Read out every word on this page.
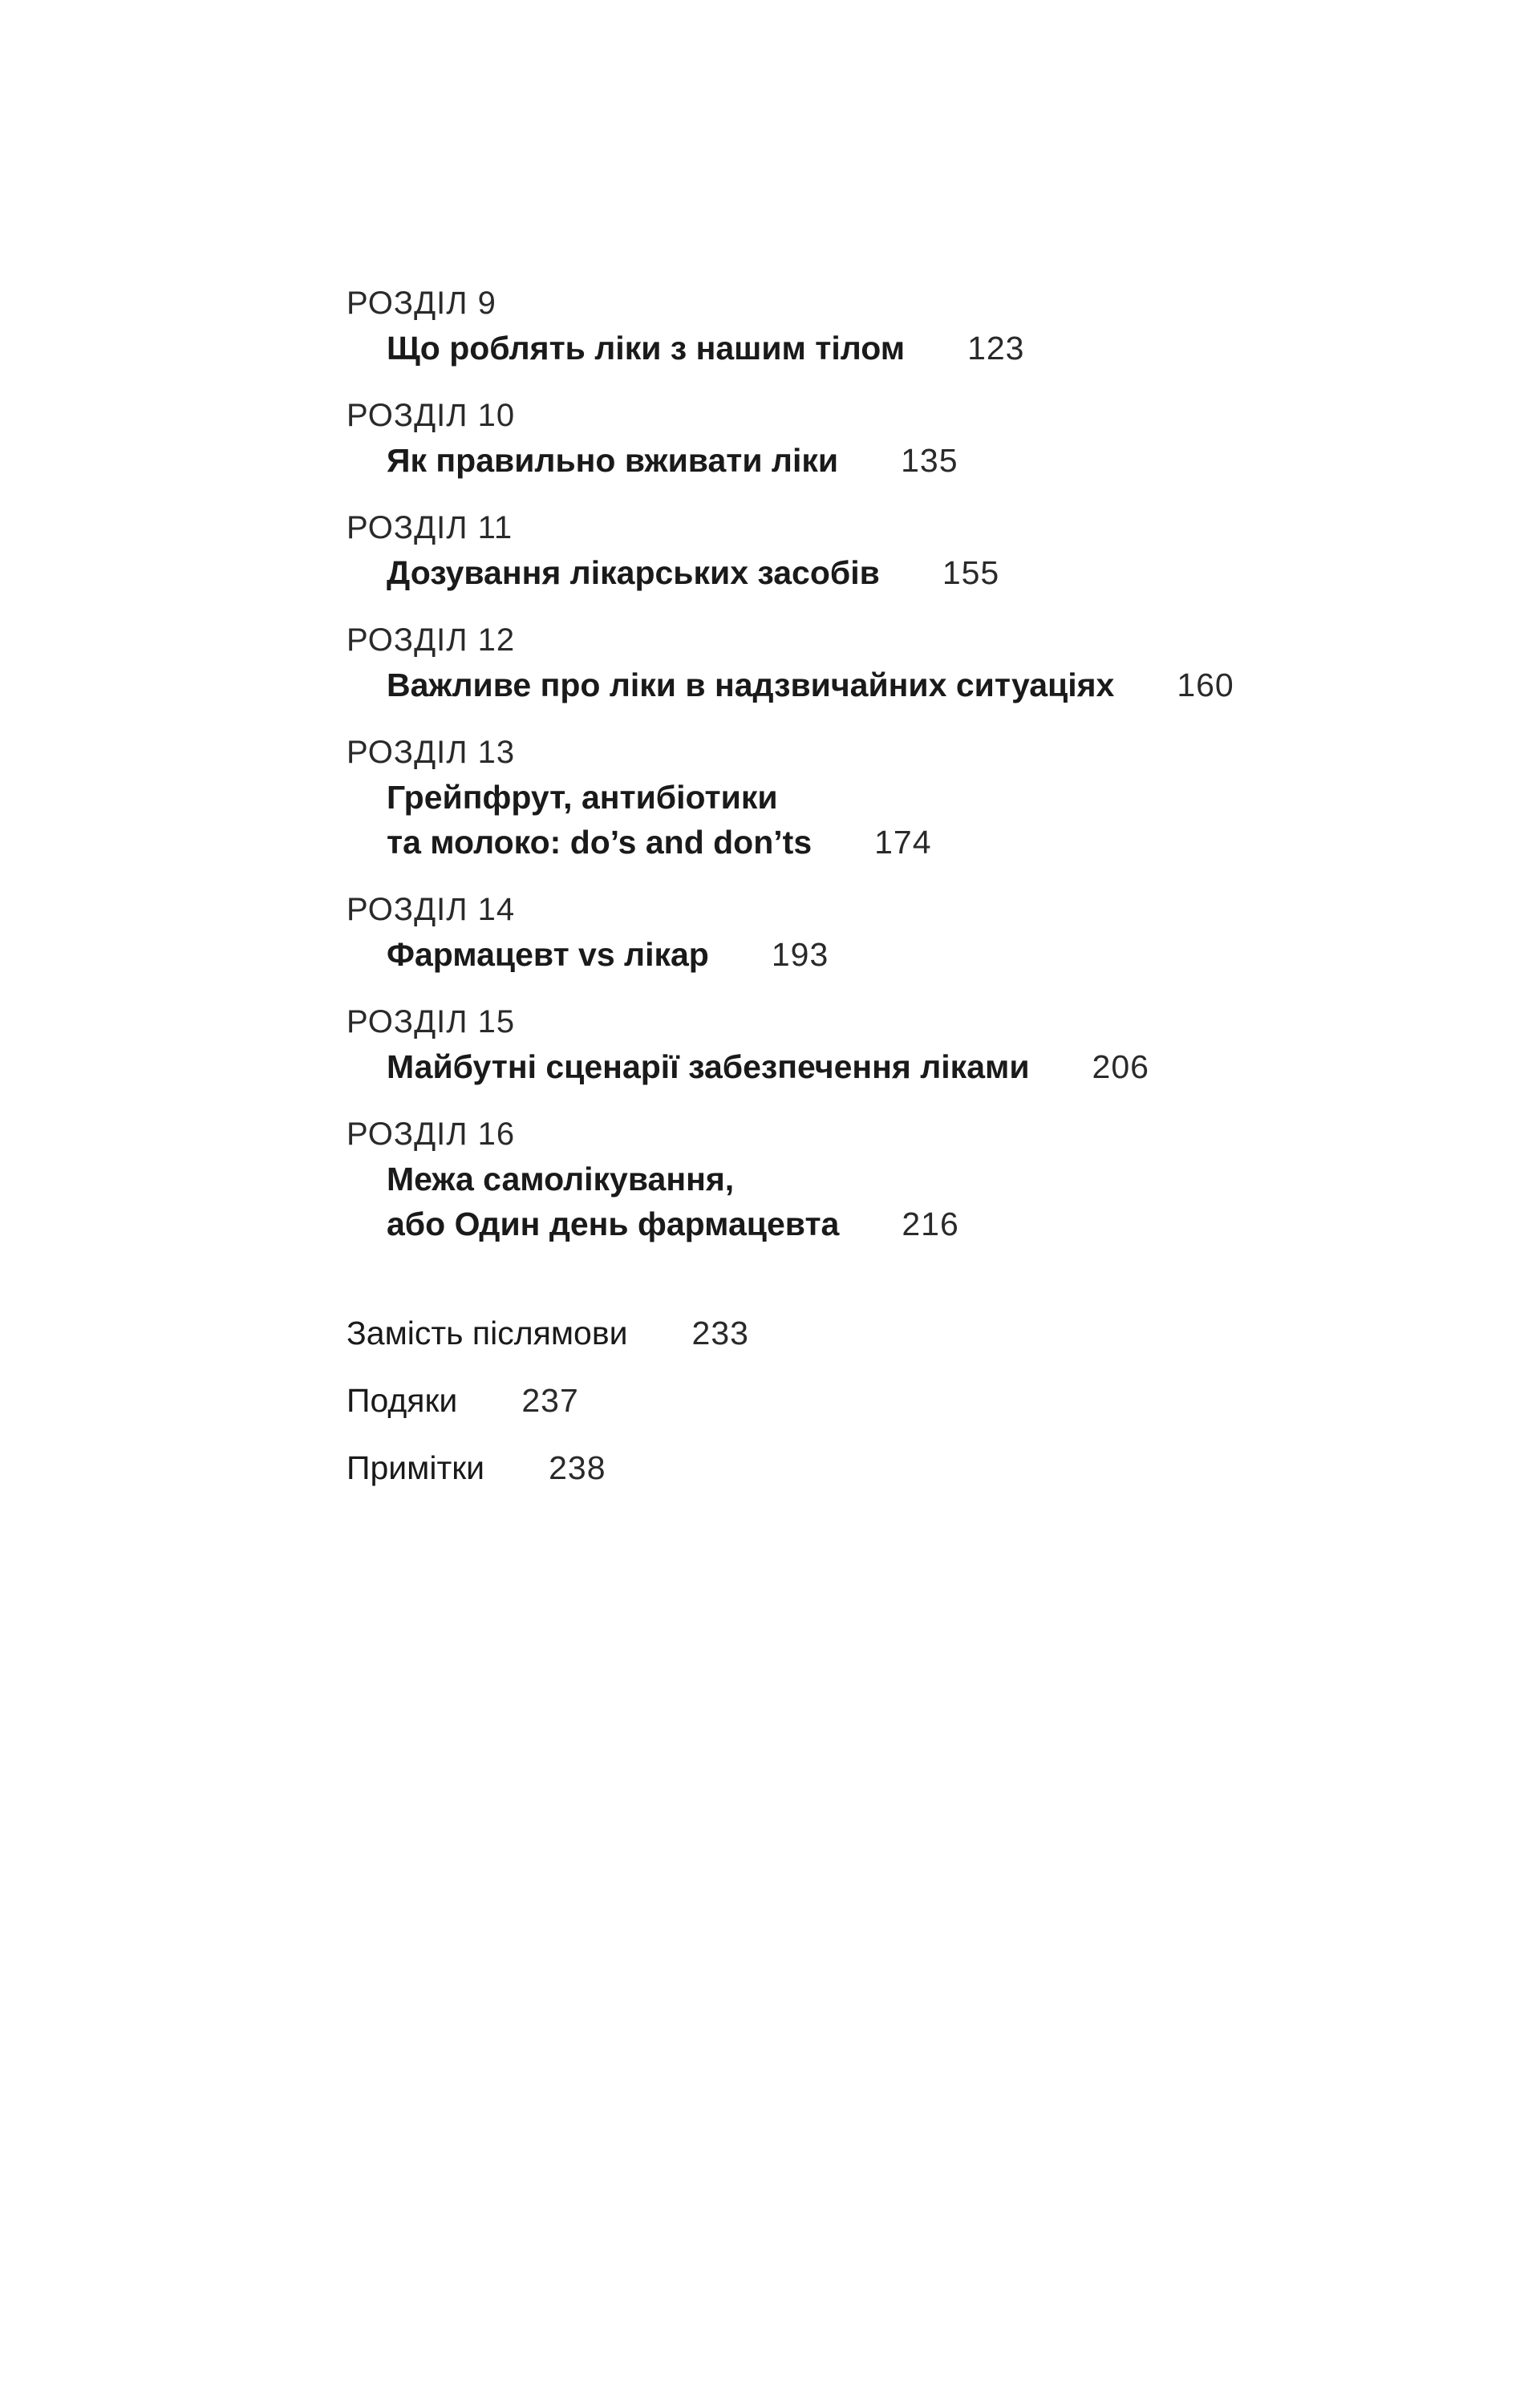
РОЗДІЛ 9
Що роблять ліки з нашим тілом 123
РОЗДІЛ 10
Як правильно вживати ліки 135
РОЗДІЛ 11
Дозування лікарських засобів 155
РОЗДІЛ 12
Важливе про ліки в надзвичайних ситуаціях 160
РОЗДІЛ 13
Грейпфрут, антибіотики
та молоко: do’s and don’ts 174
РОЗДІЛ 14
Фармацевт vs лікар 193
РОЗДІЛ 15
Майбутні сценарії забезпечення ліками 206
РОЗДІЛ 16
Межа самолікування,
або Один день фармацевта 216
Замість післямови 233
Подяки 237
Примітки 238
